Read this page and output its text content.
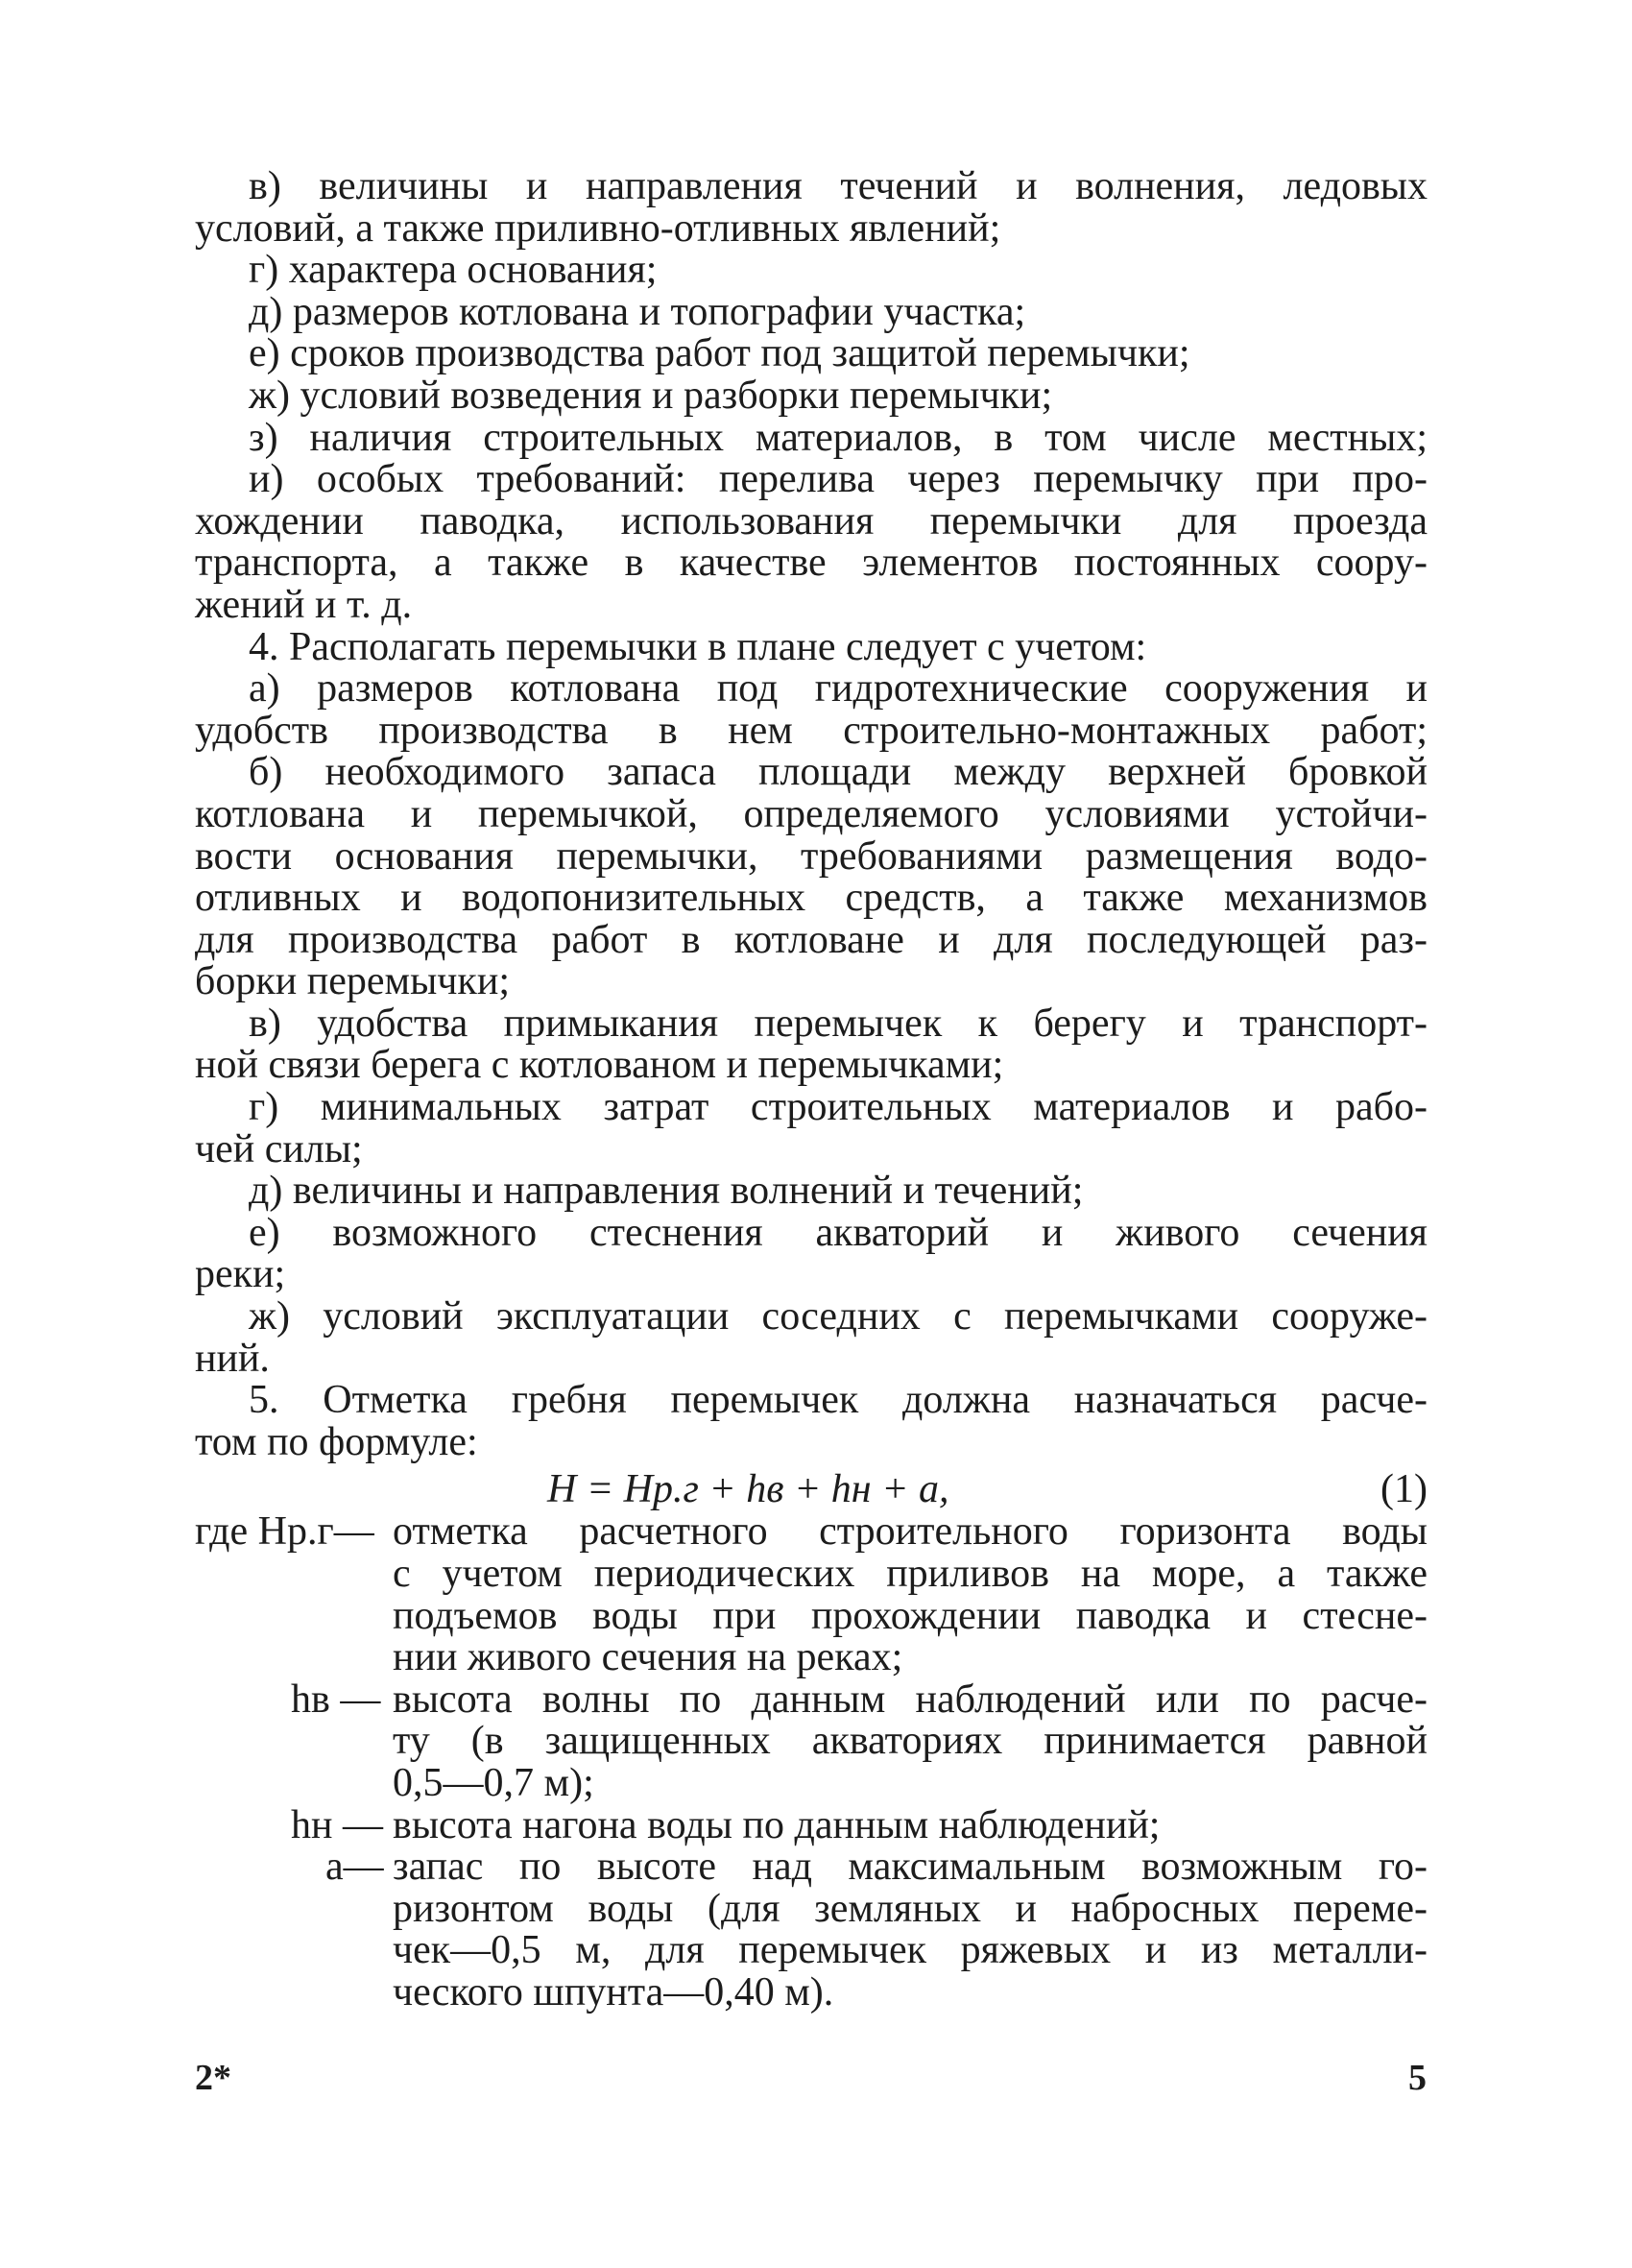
в) величины и направления течений и волнения, ледовых
условий, а также приливно-отливных явлений;
г) характера основания;
д) размеров котлована и топографии участка;
е) сроков производства работ под защитой перемычки;
ж) условий возведения и разборки перемычки;
з) наличия строительных материалов, в том числе местных;
и) особых требований: перелива через перемычку при про-
хождении паводка, использования перемычки для проезда
транспорта, а также в качестве элементов постоянных соору-
жений и т. д.
4. Располагать перемычки в плане следует с учетом:
а) размеров котлована под гидротехнические сооружения и
удобств производства в нем строительно-монтажных работ;
б) необходимого запаса площади между верхней бровкой
котлована и перемычкой, определяемого условиями устойчи-
вости основания перемычки, требованиями размещения водо-
отливных и водопонизительных средств, а также механизмов
для производства работ в котловане и для последующей раз-
борки перемычки;
в) удобства примыкания перемычек к берегу и транспорт-
ной связи берега с котлованом и перемычками;
г) минимальных затрат строительных материалов и рабо-
чей силы;
д) величины и направления волнений и течений;
е) возможного стеснения акваторий и живого сечения
реки;
ж) условий эксплуатации соседних с перемычками сооруже-
ний.
5. Отметка гребня перемычек должна назначаться расче-
том по формуле:
H = Hр.г + hв + hн + a,	(1)
где Hр.г— отметка расчетного строительного горизонта воды
с учетом периодических приливов на море, а также
подъемов воды при прохождении паводка и стесне-
нии живого сечения на реках;
hв — высота волны по данным наблюдений или по расче-
ту (в защищенных акваториях принимается равной
0,5—0,7 м);
hн — высота нагона воды по данным наблюдений;
a— запас по высоте над максимальным возможным го-
ризонтом воды (для земляных и набросных переме-
чек—0,5 м, для перемычек ряжевых и из металли-
ческого шпунта—0,40 м).
2*	5
